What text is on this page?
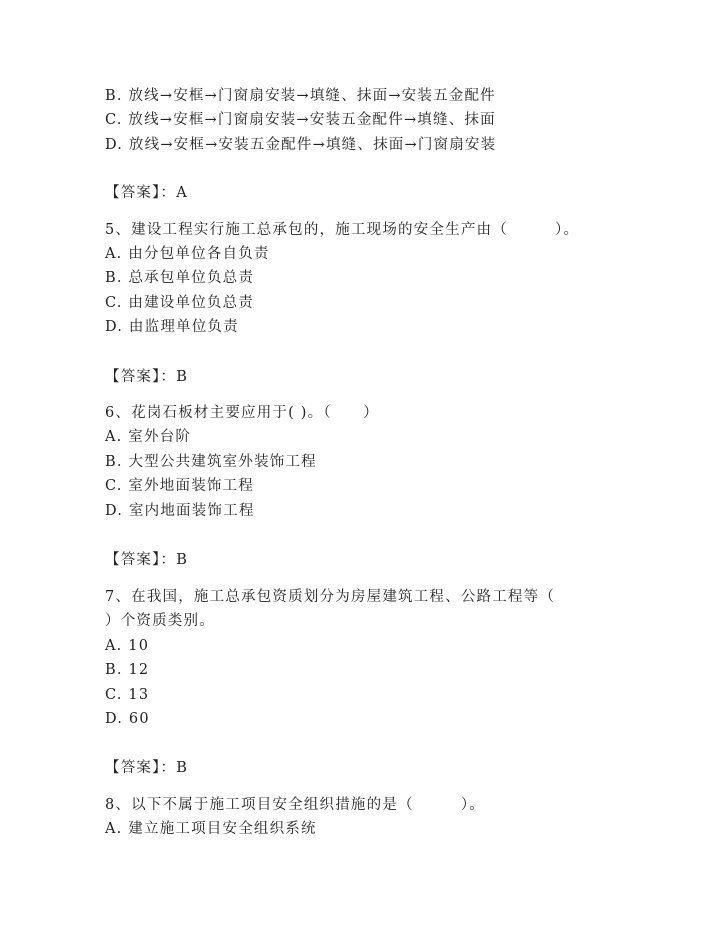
B. 放线→安框→门窗扇安装→填缝、抹面→安装五金配件
C. 放线→安框→门窗扇安装→安装五金配件→填缝、抹面
D. 放线→安框→安装五金配件→填缝、抹面→门窗扇安装
【答案】：A
5、建设工程实行施工总承包的，施工现场的安全生产由（　　　）。
A. 由分包单位各自负责
B. 总承包单位负总责
C. 由建设单位负总责
D. 由监理单位负责
【答案】：B
6、花岗石板材主要应用于( )。（　　）
A. 室外台阶
B. 大型公共建筑室外装饰工程
C. 室外地面装饰工程
D. 室内地面装饰工程
【答案】：B
7、在我国，施工总承包资质划分为房屋建筑工程、公路工程等（
）个资质类别。
A. 10
B. 12
C. 13
D. 60
【答案】：B
8、以下不属于施工项目安全组织措施的是（　　　）。
A. 建立施工项目安全组织系统
